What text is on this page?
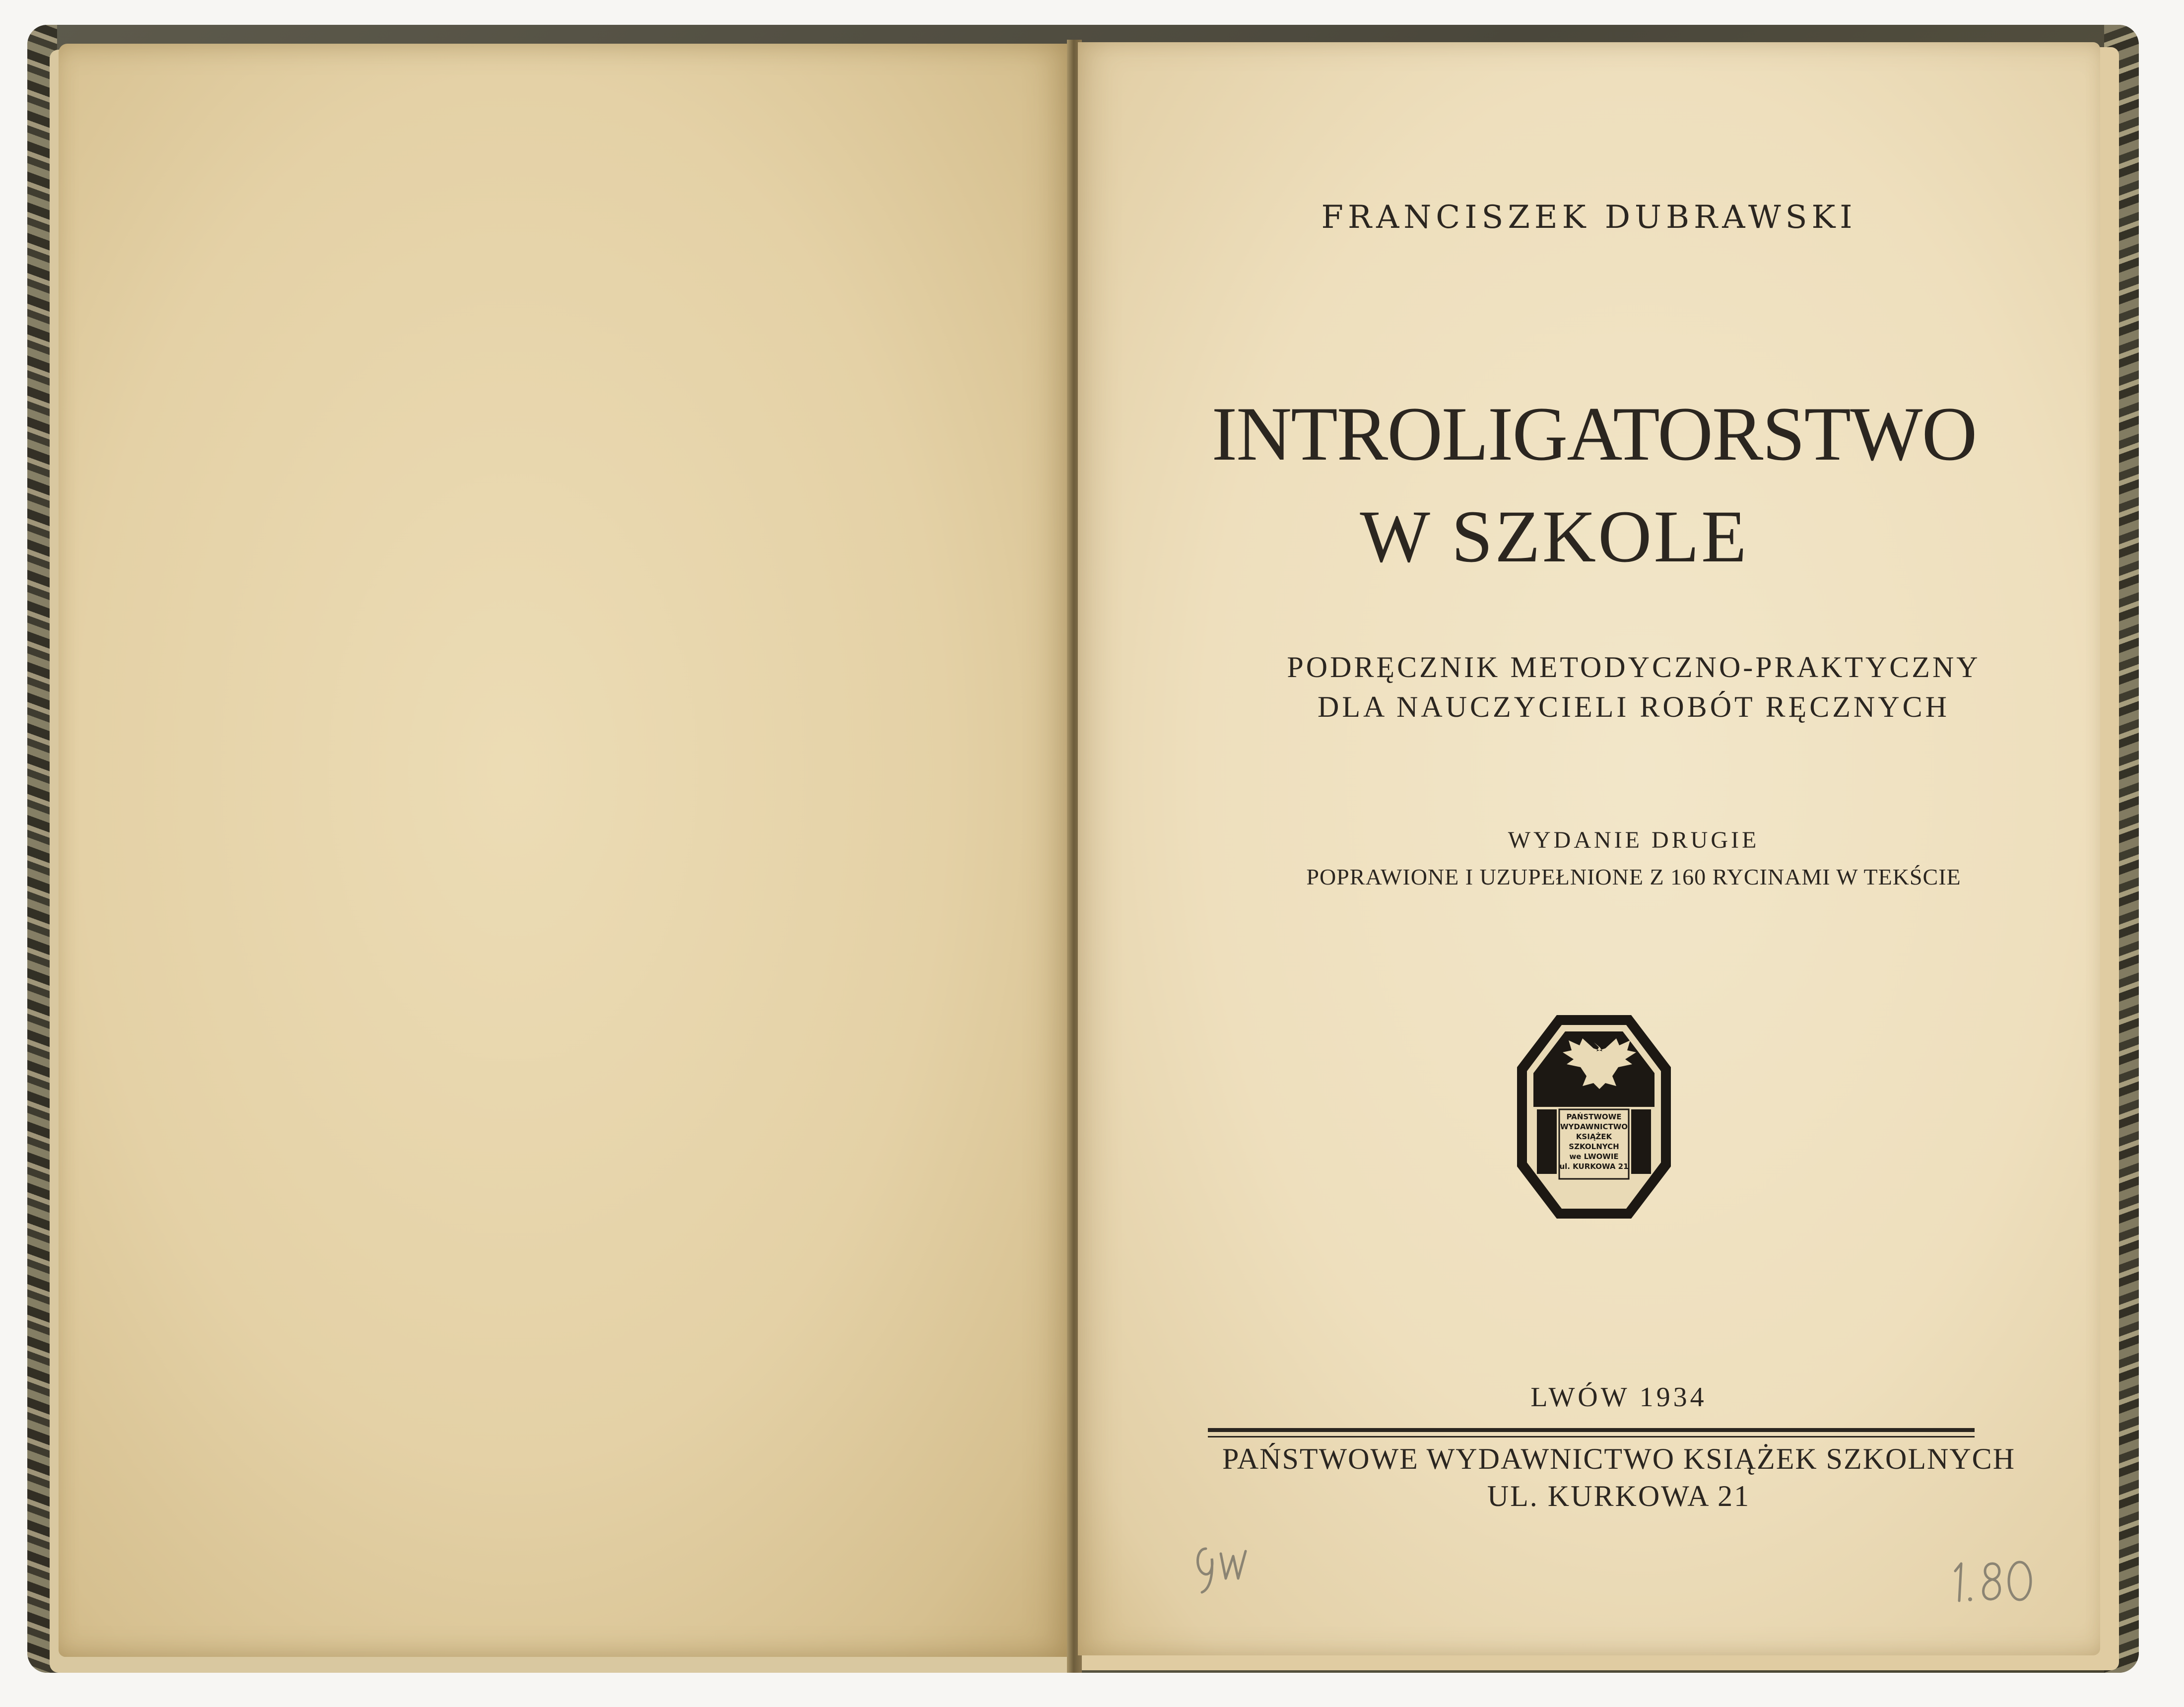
FRANCISZEK DUBRAWSKI
INTROLIGATORSTWO
W SZKOLE
PODRĘCZNIK METODYCZNO-PRAKTYCZNY
DLA NAUCZYCIELI ROBÓT RĘCZNYCH
WYDANIE DRUGIE
POPRAWIONE I UZUPEŁNIONE Z 160 RYCINAMI W TEKŚCIE
PAŃSTWOWE
WYDAWNICTWO
KSIĄŻEK
SZKOLNYCH
we LWOWIE
ul. KURKOWA 21
LWÓW 1934
PAŃSTWOWE WYDAWNICTWO KSIĄŻEK SZKOLNYCH
UL. KURKOWA 21
